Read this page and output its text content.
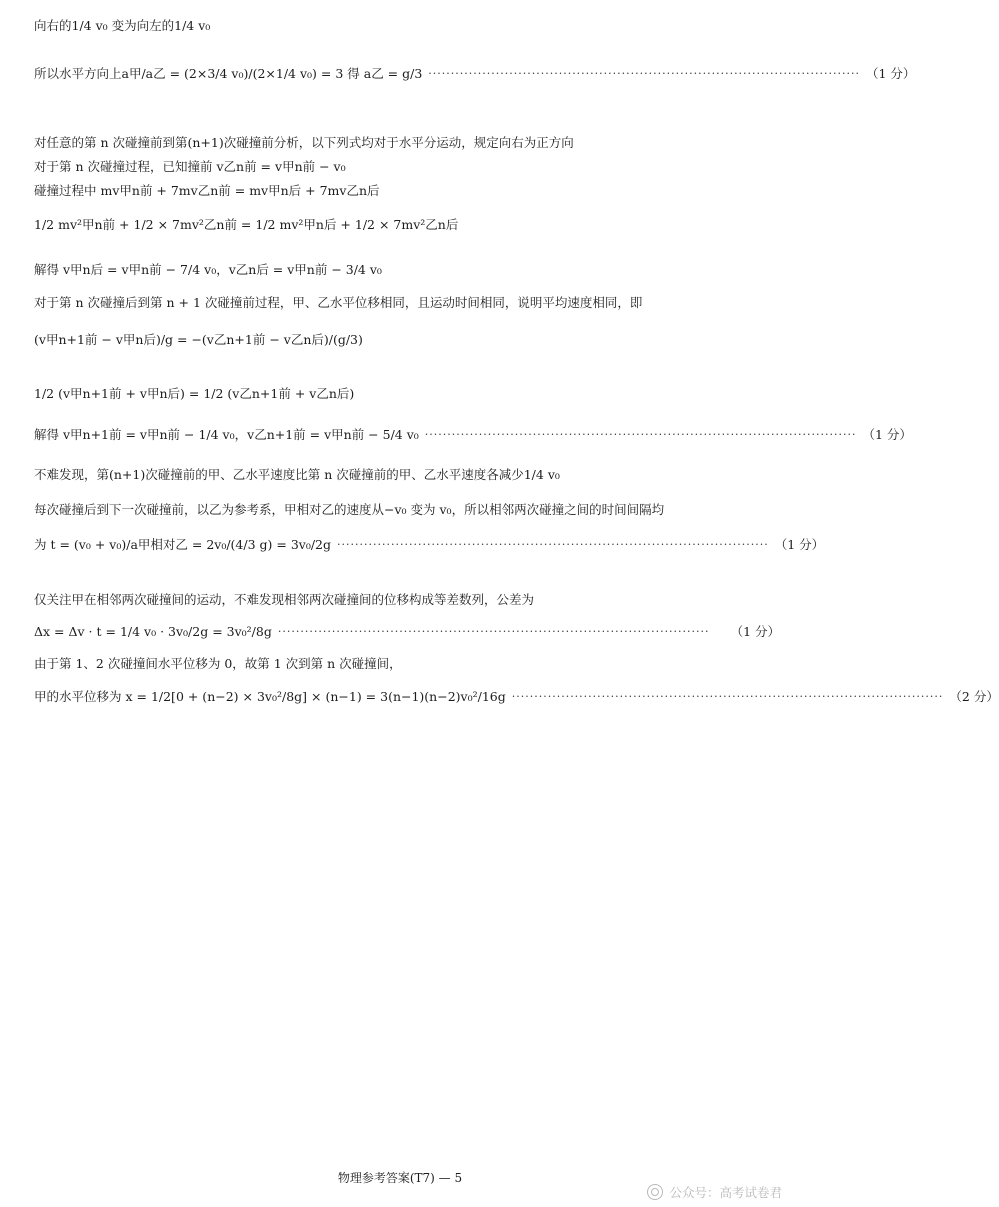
向右的1/4 v₀ 变为向左的1/4 v₀
所以水平方向上a甲/a乙 = (2×3/4 v₀)/(2×1/4 v₀) = 3 得 a乙 = g/3 ································································································ （1 分）
对任意的第 n 次碰撞前到第(n+1)次碰撞前分析，以下列式均对于水平分运动，规定向右为正方向
对于第 n 次碰撞过程，已知撞前 v乙n前 = v甲n前 − v₀
碰撞过程中 mv甲n前 + 7mv乙n前 = mv甲n后 + 7mv乙n后
1/2 mv²甲n前 + 1/2 × 7mv²乙n前 = 1/2 mv²甲n后 + 1/2 × 7mv²乙n后
解得 v甲n后 = v甲n前 − 7/4 v₀，v乙n后 = v甲n前 − 3/4 v₀
对于第 n 次碰撞后到第 n + 1 次碰撞前过程，甲、乙水平位移相同，且运动时间相同，说明平均速度相同，即
(v甲n+1前 − v甲n后)/g = −(v乙n+1前 − v乙n后)/(g/3)
1/2 (v甲n+1前 + v甲n后) = 1/2 (v乙n+1前 + v乙n后)
解得 v甲n+1前 = v甲n前 − 1/4 v₀，v乙n+1前 = v甲n前 − 5/4 v₀ ································································································ （1 分）
不难发现，第(n+1)次碰撞前的甲、乙水平速度比第 n 次碰撞前的甲、乙水平速度各减少1/4 v₀
每次碰撞后到下一次碰撞前，以乙为参考系，甲相对乙的速度从−v₀ 变为 v₀，所以相邻两次碰撞之间的时间间隔均
为 t = (v₀ + v₀)/a甲相对乙 = 2v₀/(4/3 g) = 3v₀/2g ································································································ （1 分）
仅关注甲在相邻两次碰撞间的运动，不难发现相邻两次碰撞间的位移构成等差数列，公差为
Δx = Δv · t = 1/4 v₀ · 3v₀/2g = 3v₀²/8g ································································································	（1 分）
由于第 1、2 次碰撞间水平位移为 0，故第 1 次到第 n 次碰撞间，
甲的水平位移为 x = 1/2[0 + (n−2) × 3v₀²/8g] × (n−1) = 3(n−1)(n−2)v₀²/16g ································································································ （2 分）
物理参考答案(T7) — 5
公众号：高考试卷君
